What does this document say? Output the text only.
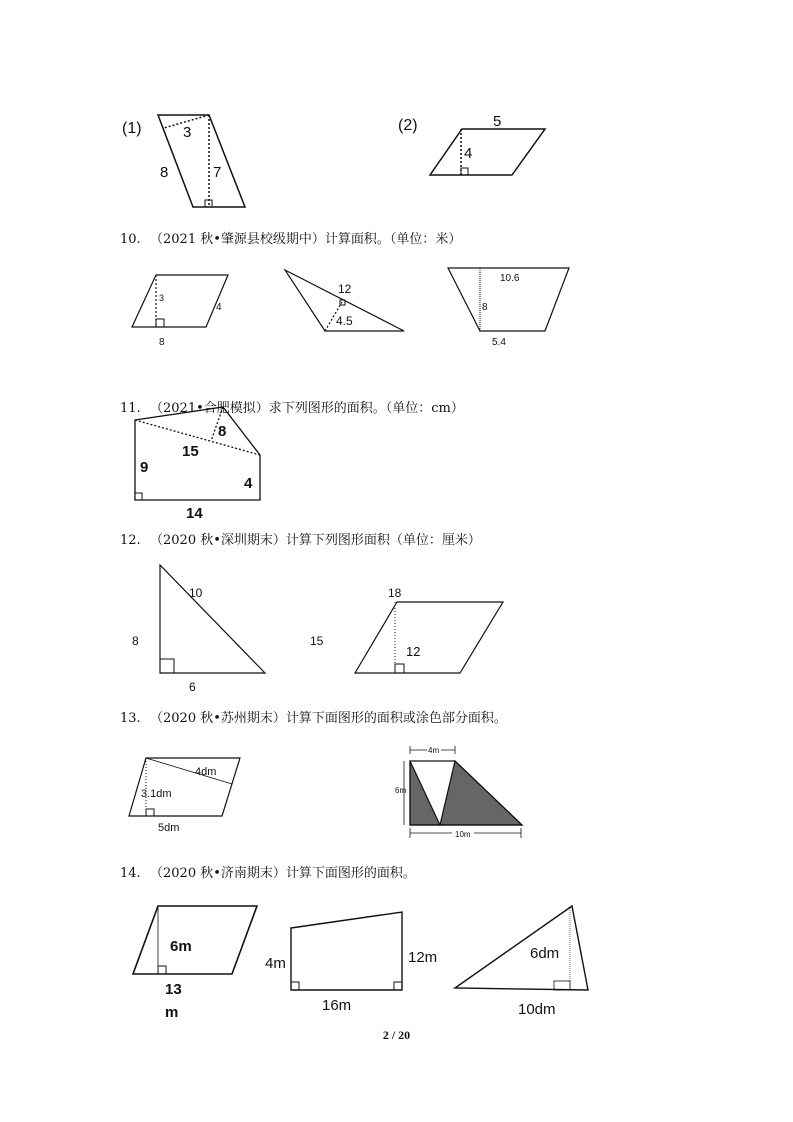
10. （2021 秋•肇源县校级期中）计算面积。（单位：米）
11. （2021•合肥模拟）求下列图形的面积。（单位：cm）
12. （2020 秋•深圳期末）计算下列图形面积（单位：厘米）
13. （2020 秋•苏州期末）计算下面图形的面积或涂色部分面积。
14. （2020 秋•济南期末）计算下面图形的面积。
(1)	3
8	7
(2)	5
4
3
4
8
12
4.5
10.6
8
5.4
8
15
9
4
14
10
8
6
15
18
12
4dm
3.1dm
5dm
4m
6m
10m
6m
13
m
4m	12m
16m
6dm
10dm
2 / 20
